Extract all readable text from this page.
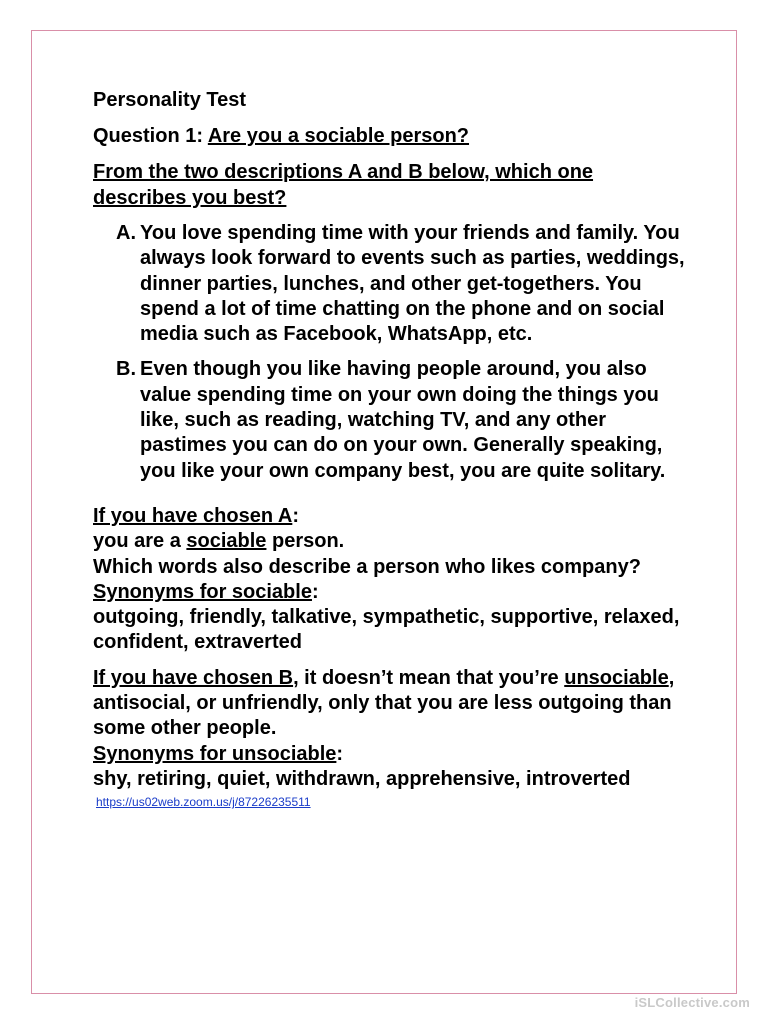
Personality Test
Question 1: Are you a sociable person?
From the two descriptions A and B below, which one describes you best?
A. You love spending time with your friends and family. You always look forward to events such as parties, weddings, dinner parties, lunches, and other get-togethers. You spend a lot of time chatting on the phone and on social media such as Facebook, WhatsApp, etc.
B. Even though you like having people around, you also value spending time on your own doing the things you like, such as reading, watching TV, and any other pastimes you can do on your own. Generally speaking, you like your own company best, you are quite solitary.
If you have chosen A:
you are a sociable person.
Which words also describe a person who likes company?
Synonyms for sociable:
outgoing, friendly, talkative, sympathetic, supportive, relaxed, confident, extraverted
If you have chosen B, it doesn’t mean that you’re unsociable, antisocial, or unfriendly, only that you are less outgoing than some other people.
Synonyms for unsociable:
shy, retiring, quiet, withdrawn, apprehensive, introverted
https://us02web.zoom.us/j/87226235511
iSLCollective.com
